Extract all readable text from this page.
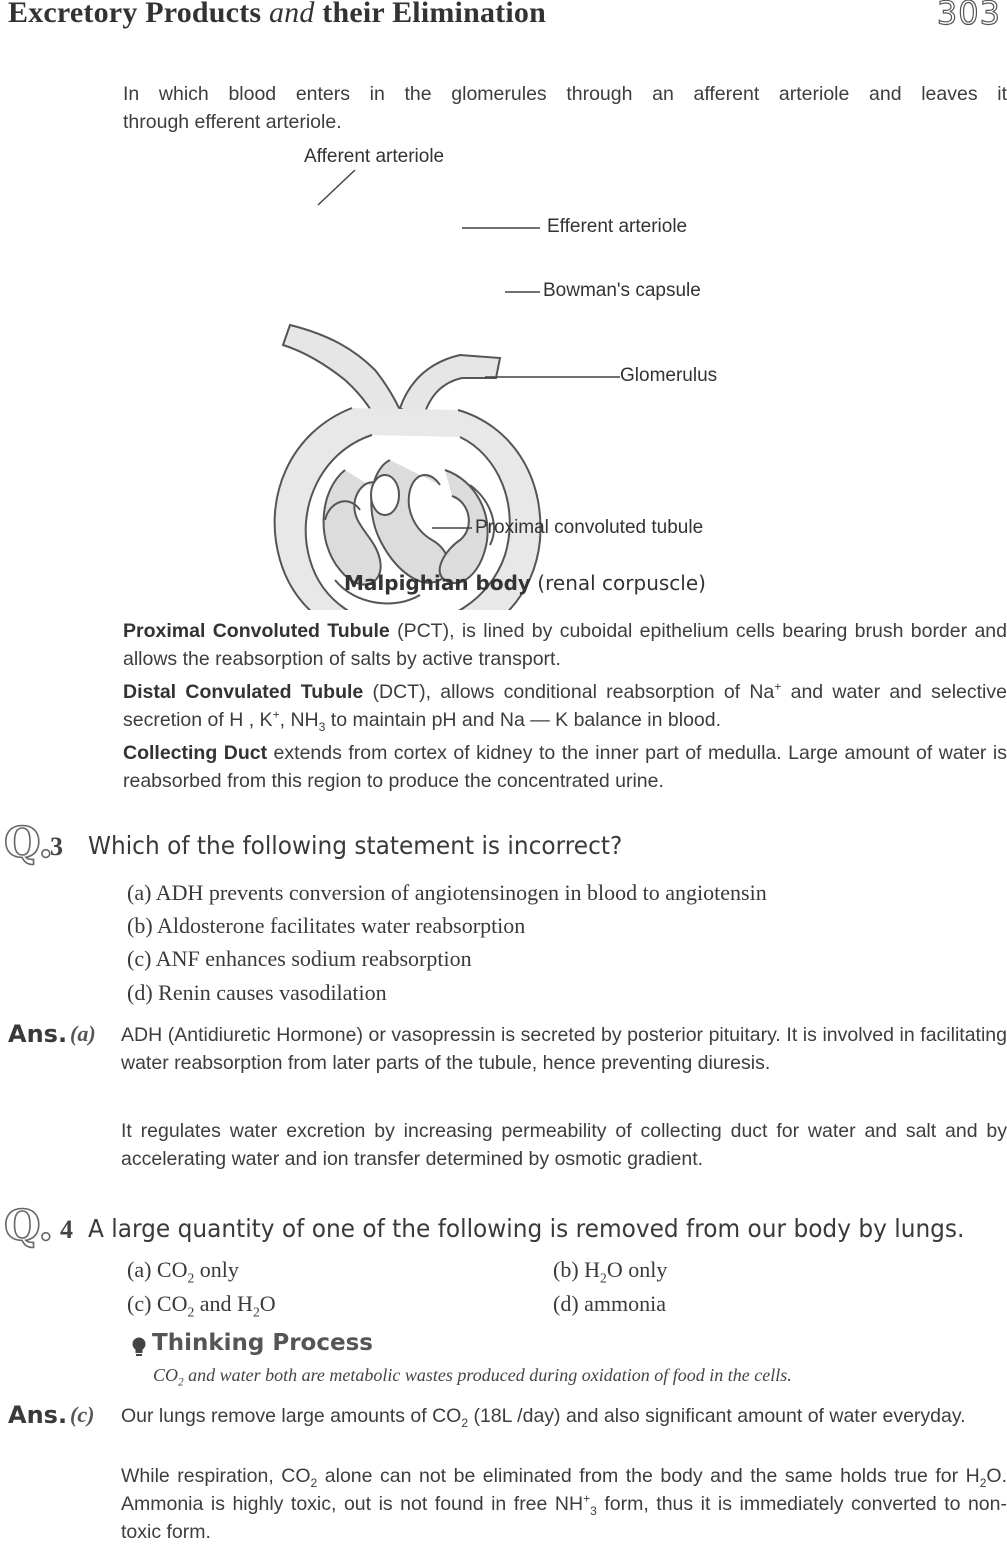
Excretory Products and their Elimination	303
In which blood enters in the glomerules through an afferent arteriole and leaves it
through efferent arteriole.
Afferent arteriole
Efferent arteriole
Bowman's capsule
Glomerulus
Proximal convoluted tubule
Malpighian body (renal corpuscle)
Proximal Convoluted Tubule (PCT), is lined by cuboidal epithelium cells bearing brush border and allows the reabsorption of salts by active transport.
Distal Convulated Tubule (DCT), allows conditional reabsorption of Na+ and water and selective secretion of H , K+, $NH_3$ to maintain pH and Na — K balance in blood.
Collecting Duct extends from cortex of kidney to the inner part of medulla. Large amount of water is reabsorbed from this region to produce the concentrated urine.
Q.
3 Which of the following statement is incorrect?
(a) ADH prevents conversion of angiotensinogen in blood to angiotensin
(b) Aldosterone facilitates water reabsorption
(c) ANF enhances sodium reabsorption
(d) Renin causes vasodilation
Ans. (a) ADH (Antidiuretic Hormone) or vasopressin is secreted by posterior pituitary. It is involved in facilitating water reabsorption from later parts of the tubule, hence preventing diuresis.
It regulates water excretion by increasing permeability of collecting duct for water and salt and by accelerating water and ion transfer determined by osmotic gradient.
Q. 4 A large quantity of one of the following is removed from our body by lungs.
(a) $CO_2$ only	(b) $H_2O$ only
(c) $CO_2$ and $H_2O$	(d) ammonia
Thinking Process
$CO_2$ and water both are metabolic wastes produced during oxidation of food in the cells.
Ans. (c) Our lungs remove large amounts of $CO_2$ (18L /day) and also significant amount of water everyday.
While respiration, $CO_2$ alone can not be eliminated from the body and the same holds true for $H_2O$. Ammonia is highly toxic, out is not found in free $NH^+_3$ form, thus it is immediately converted to non-toxic form.
